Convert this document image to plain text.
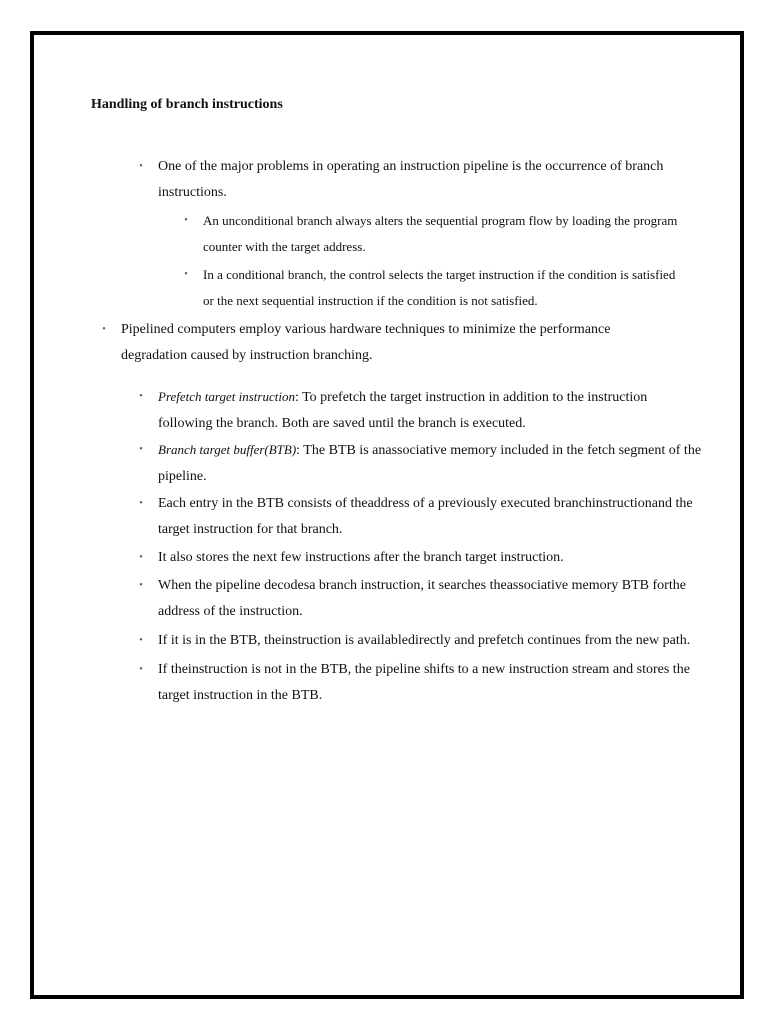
Handling of branch instructions
• One of the major problems in operating an instruction pipeline is the occurrence of branch instructions.
• An unconditional branch always alters the sequential program flow by loading the program counter with the target address.
• In a conditional branch, the control selects the target instruction if the condition is satisfied or the next sequential instruction if the condition is not satisfied.
• Pipelined computers employ various hardware techniques to minimize the performance degradation caused by instruction branching.
• Prefetch target instruction: To prefetch the target instruction in addition to the instruction following the branch. Both are saved until the branch is executed.
• Branch target buffer(BTB): The BTB is anassociative memory included in the fetch segment of the pipeline.
• Each entry in the BTB consists of theaddress of a previously executed branchinstructionand the target instruction for that branch.
• It also stores the next few instructions after the branch target instruction.
• When the pipeline decodesa branch instruction, it searches theassociative memory BTB forthe address of the instruction.
• If it is in the BTB, theinstruction is availabledirectly and prefetch continues from the new path.
• If theinstruction is not in the BTB, the pipeline shifts to a new instruction stream and stores the target instruction in the BTB.
